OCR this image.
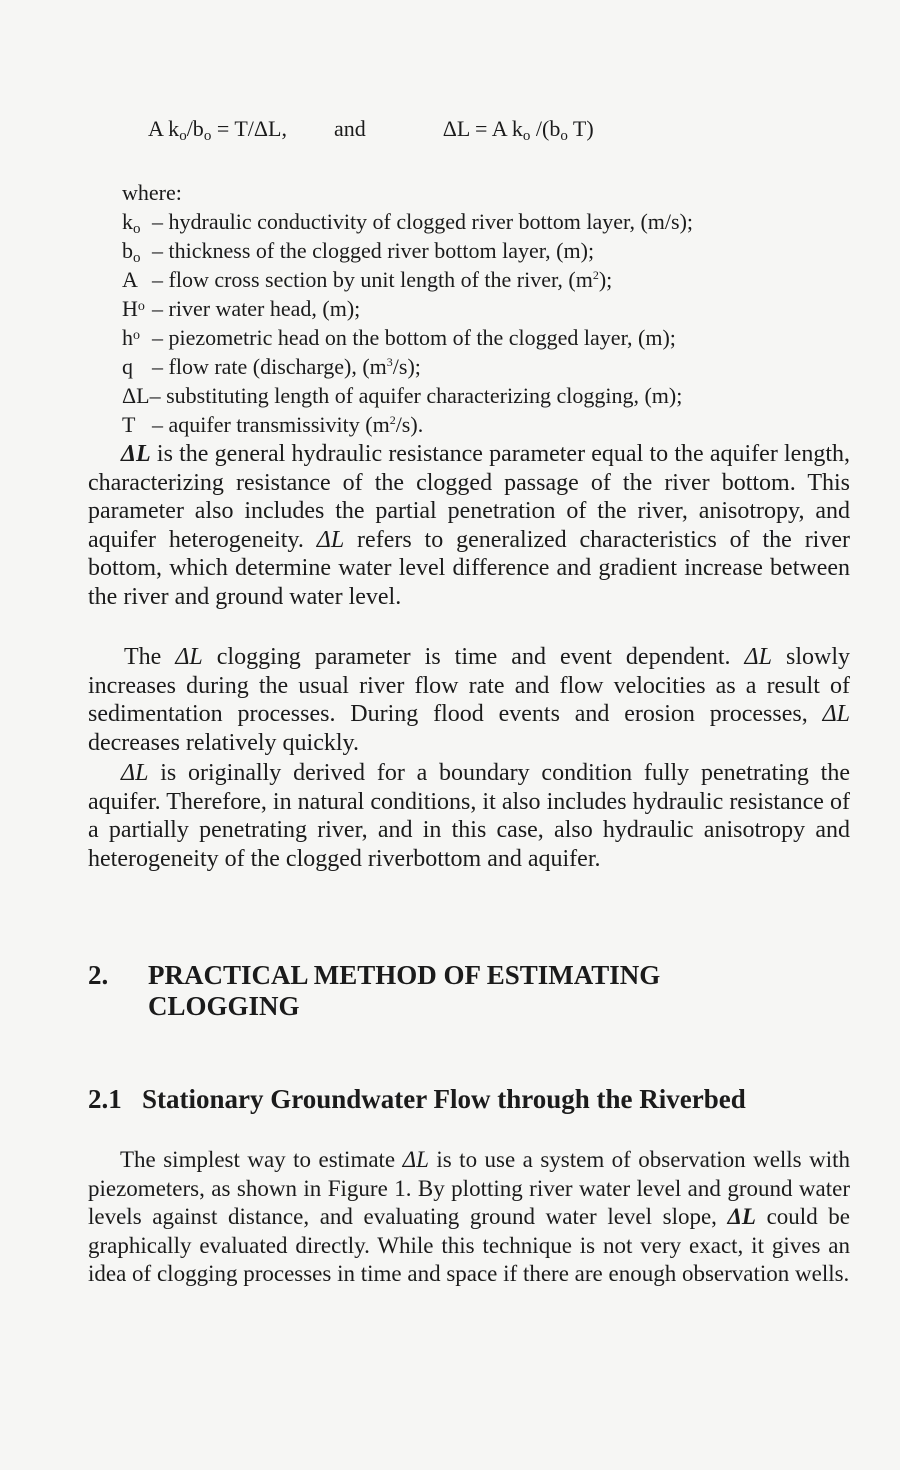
A $k_o/b_o = T/\Delta L$, and	ΔL = A $k_o$ $/(b_o$ T)
where:
$k_o$ – hydraulic conductivity of clogged river bottom layer, (m/s);
$b_o$ – thickness of the clogged river bottom layer, (m);
A – flow cross section by unit length of the river, $(m^2)$;
$H^o$ – river water head, (m);
$h^o$ – piezometric head on the bottom of the clogged layer, (m);
q – flow rate (discharge), $(m^3/s)$;
ΔL– substituting length of aquifer characterizing clogging, (m);
T – aquifer transmissivity $(m^2/s)$.

ΔL is the general hydraulic resistance parameter equal to the aquifer length, characterizing resistance of the clogged passage of the river bottom. This parameter also includes the partial penetration of the river, anisotropy, and aquifer heterogeneity. ΔL refers to generalized characteristics of the river bottom, which determine water level difference and gradient increase between the river and ground water level.

The ΔL clogging parameter is time and event dependent. ΔL slowly increases during the usual river flow rate and flow velocities as a result of sedimentation processes. During flood events and erosion processes, ΔL decreases relatively quickly.

ΔL is originally derived for a boundary condition fully penetrating the aquifer. Therefore, in natural conditions, it also includes hydraulic resistance of a partially penetrating river, and in this case, also hydraulic anisotropy and heterogeneity of the clogged riverbottom and aquifer.

2. PRACTICAL METHOD OF ESTIMATING CLOGGING
2.1 Stationary Groundwater Flow through the Riverbed

The simplest way to estimate ΔL is to use a system of observation wells with piezometers, as shown in Figure 1. By plotting river water level and ground water levels against distance, and evaluating ground water level slope, ΔL could be graphically evaluated directly. While this technique is not very exact, it gives an idea of clogging processes in time and space if there are enough observation wells.
